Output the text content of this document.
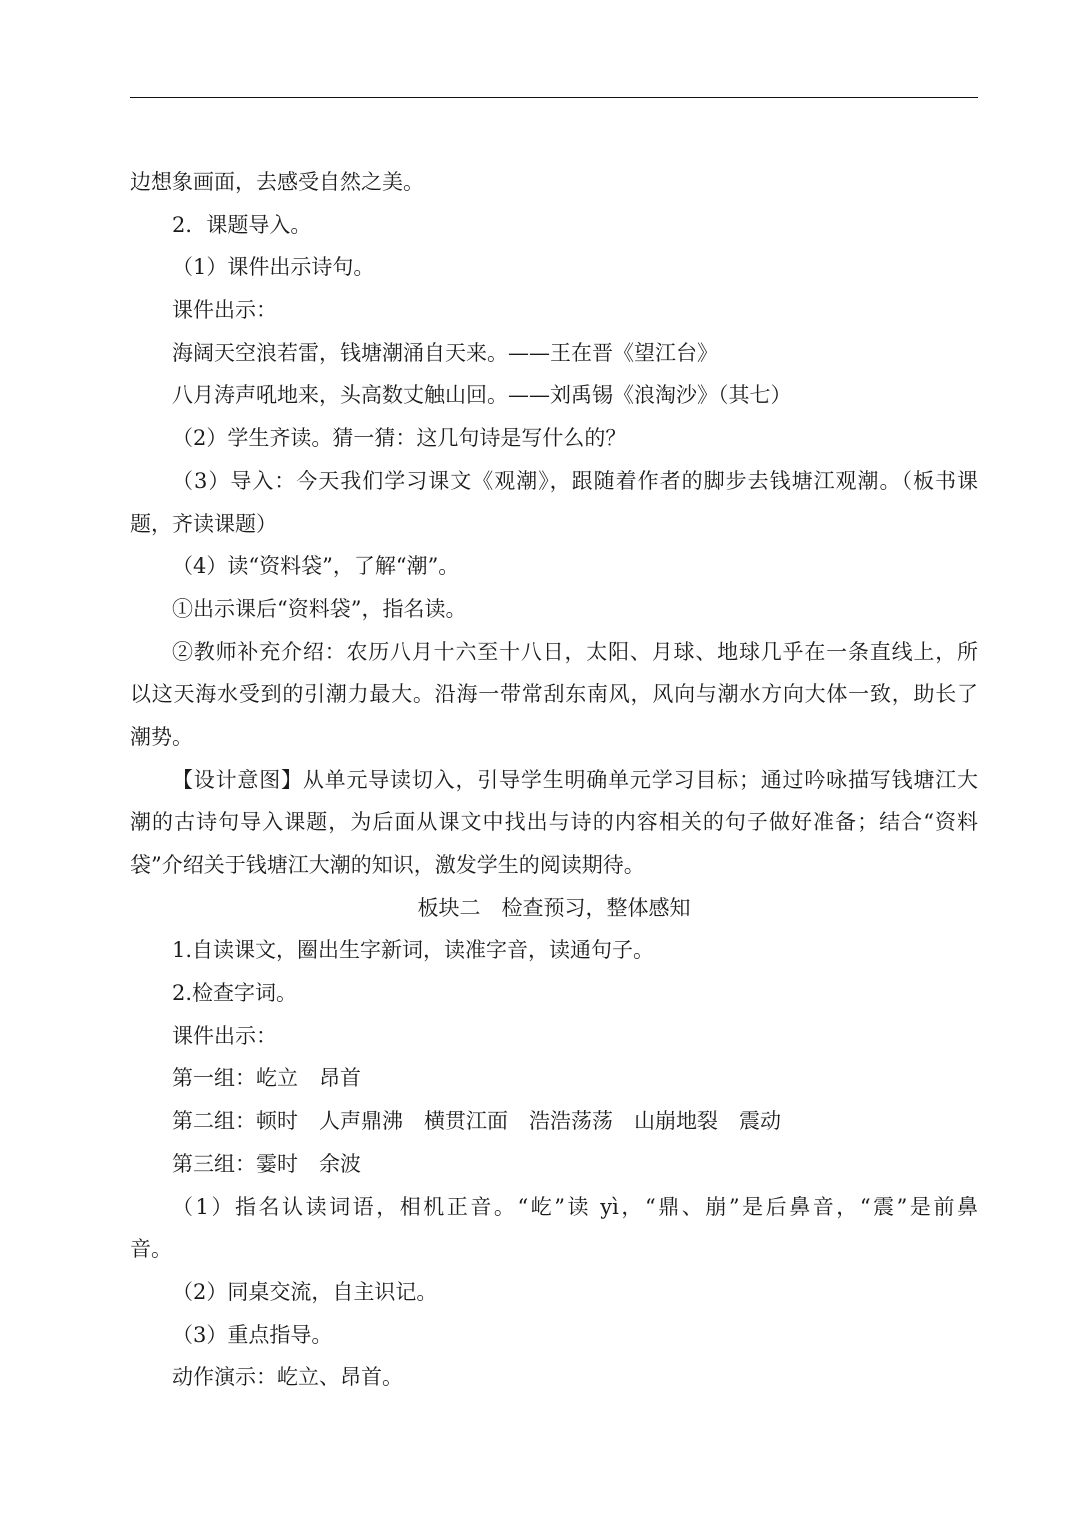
边想象画面，去感受自然之美。
2．课题导入。
（1）课件出示诗句。
课件出示：
海阔天空浪若雷，钱塘潮涌自天来。——王在晋《望江台》
八月涛声吼地来，头高数丈触山回。——刘禹锡《浪淘沙》（其七）
（2）学生齐读。猜一猜：这几句诗是写什么的？
（3）导入：今天我们学习课文《观潮》，跟随着作者的脚步去钱塘江观潮。（板书课
题，齐读课题）
（4）读“资料袋”，了解“潮”。
①出示课后“资料袋”，指名读。
②教师补充介绍：农历八月十六至十八日，太阳、月球、地球几乎在一条直线上，所
以这天海水受到的引潮力最大。沿海一带常刮东南风，风向与潮水方向大体一致，助长了
潮势。
【设计意图】从单元导读切入，引导学生明确单元学习目标；通过吟咏描写钱塘江大
潮的古诗句导入课题，为后面从课文中找出与诗的内容相关的句子做好准备；结合“资料
袋”介绍关于钱塘江大潮的知识，激发学生的阅读期待。
板块二　检查预习，整体感知
1.自读课文，圈出生字新词，读准字音，读通句子。
2.检查字词。
课件出示：
第一组：屹立　昂首
第二组：顿时　人声鼎沸　横贯江面　浩浩荡荡　山崩地裂　震动
第三组：霎时　余波
（1）指名认读词语，相机正音。“屹”读 yì，“鼎、崩”是后鼻音，“震”是前鼻
音。
（2）同桌交流，自主识记。
（3）重点指导。
动作演示：屹立、昂首。
